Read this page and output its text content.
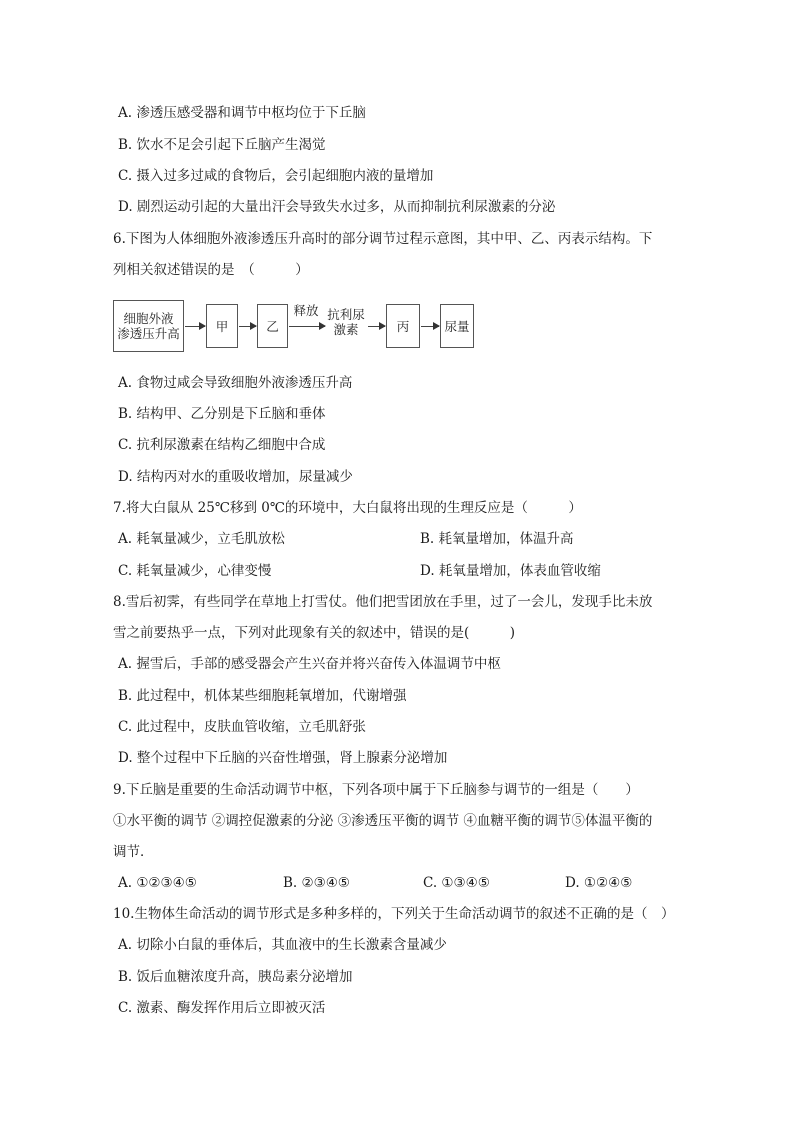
A. 渗透压感受器和调节中枢均位于下丘脑
B. 饮水不足会引起下丘脑产生渴觉
C. 摄入过多过咸的食物后，会引起细胞内液的量增加
D. 剧烈运动引起的大量出汗会导致失水过多，从而抑制抗利尿激素的分泌
6.下图为人体细胞外液渗透压升高时的部分调节过程示意图，其中甲、乙、丙表示结构。下
列相关叙述错误的是　（　　　）
细胞外液
渗透压升高	甲	乙
释放 抗利尿
激素	丙	尿量
A. 食物过咸会导致细胞外液渗透压升高
B. 结构甲、乙分别是下丘脑和垂体
C. 抗利尿激素在结构乙细胞中合成
D. 结构丙对水的重吸收增加，尿量减少
7.将大白鼠从 25℃移到 0℃的环境中，大白鼠将出现的生理反应是（　　　）
A. 耗氧量减少，立毛肌放松	B. 耗氧量增加，体温升高
C. 耗氧量减少，心律变慢	D. 耗氧量增加，体表血管收缩
8.雪后初霁，有些同学在草地上打雪仗。他们把雪团放在手里，过了一会儿，发现手比未放
雪之前要热乎一点，下列对此现象有关的叙述中，错误的是(　　　)
A. 握雪后，手部的感受器会产生兴奋并将兴奋传入体温调节中枢
B. 此过程中，机体某些细胞耗氧增加，代谢增强
C. 此过程中，皮肤血管收缩，立毛肌舒张
D. 整个过程中下丘脑的兴奋性增强，肾上腺素分泌增加
9.下丘脑是重要的生命活动调节中枢，下列各项中属于下丘脑参与调节的一组是（　　）
①水平衡的调节 ②调控促激素的分泌 ③渗透压平衡的调节 ④血糖平衡的调节⑤体温平衡的
调节．
A. ①②③④⑤	B. ②③④⑤	C. ①③④⑤	D. ①②④⑤
10.生物体生命活动的调节形式是多种多样的，下列关于生命活动调节的叙述不正确的是（　）
A. 切除小白鼠的垂体后，其血液中的生长激素含量减少
B. 饭后血糖浓度升高，胰岛素分泌增加
C. 激素、酶发挥作用后立即被灭活
